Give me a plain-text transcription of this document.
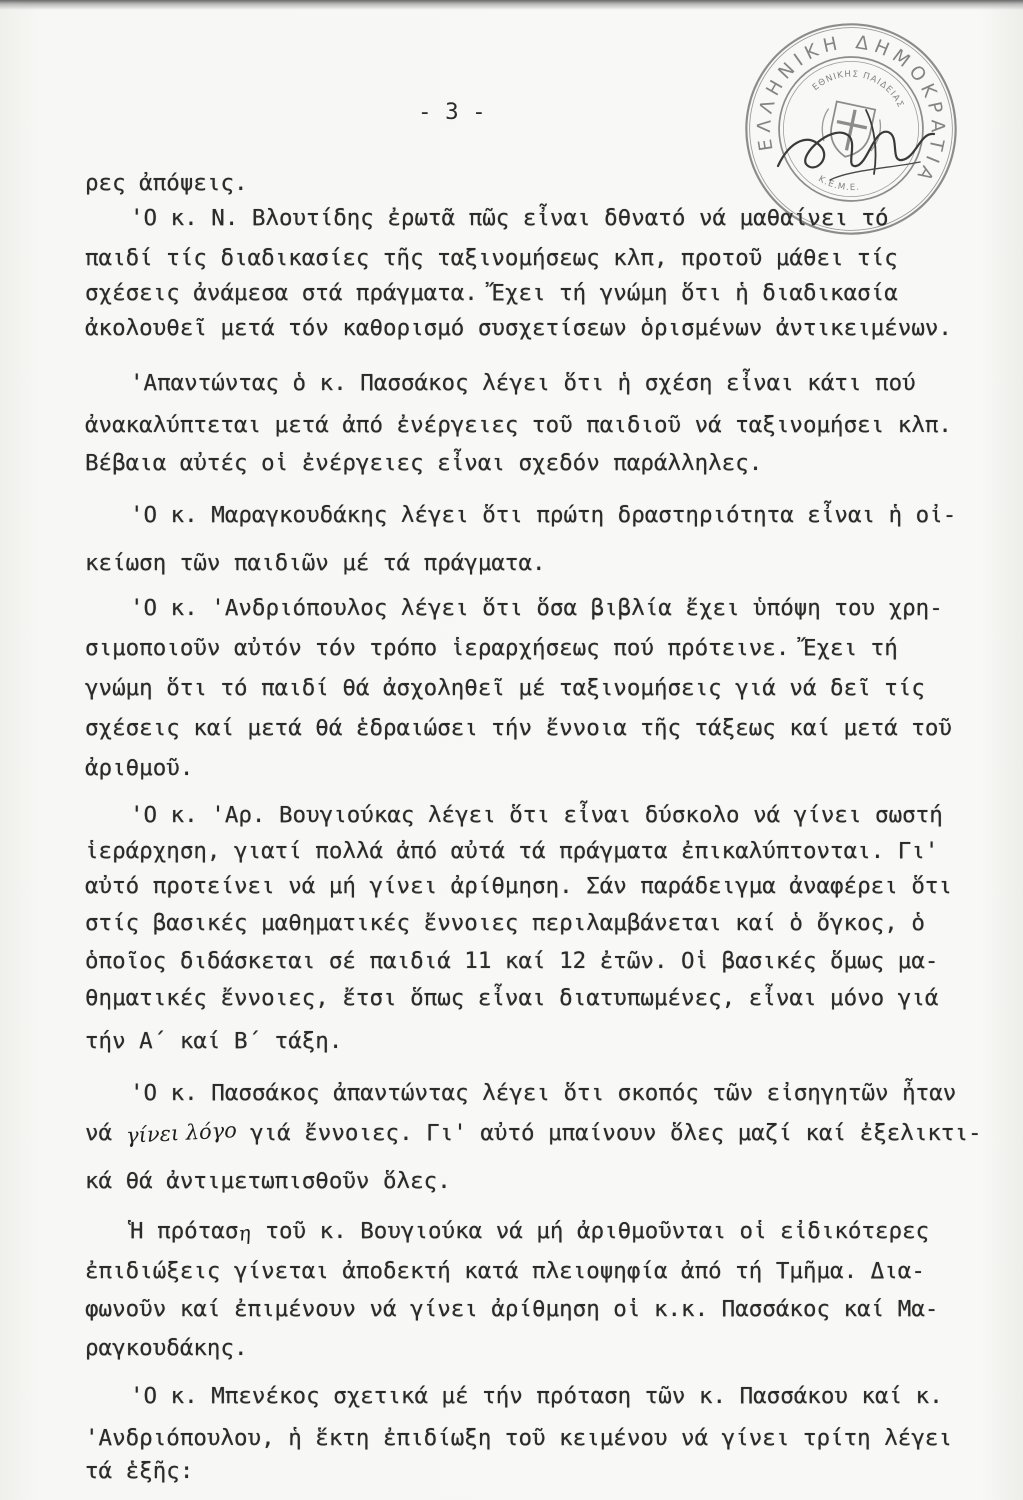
- 3 -
ΕΛΛΗΝΙΚΗ ΔΗΜΟΚΡΑΤΙΑ
ΕΘΝΙΚΗΣ ΠΑΙΔΕΙΑΣ
Κ.Ε.Μ.Ε.
ρες ἀπόψεις.
'Ο κ. Ν. Βλουτίδης ἐρωτᾶ πῶς εἶναι δθνατό νά μαθαίνει τό
παιδί τίς διαδικασίες τῆς ταξινομήσεως κλπ, προτοῦ μάθει τίς
σχέσεις ἀνάμεσα στά πράγματα. Ἔχει τή γνώμη ὅτι ἡ διαδικασία
ἀκολουθεῖ μετά τόν καθορισμό συσχετίσεων ὁρισμένων ἀντικειμένων.
'Απαντώντας ὁ κ. Πασσάκος λέγει ὅτι ἡ σχέση εἶναι κάτι πού
ἀνακαλύπτεται μετά ἀπό ἐνέργειες τοῦ παιδιοῦ νά ταξινομήσει κλπ.
Βέβαια αὐτές οἱ ἐνέργειες εἶναι σχεδόν παράλληλες.
'Ο κ. Μαραγκουδάκης λέγει ὅτι πρώτη δραστηριότητα εἶναι ἡ οἰ-
κείωση τῶν παιδιῶν μέ τά πράγματα.
'Ο κ. 'Ανδριόπουλος λέγει ὅτι ὅσα βιβλία ἔχει ὑπόψη του χρη-
σιμοποιοῦν αὐτόν τόν τρόπο ἱεραρχήσεως πού πρότεινε. Ἔχει τή
γνώμη ὅτι τό παιδί θά ἀσχοληθεῖ μέ ταξινομήσεις γιά νά δεῖ τίς
σχέσεις καί μετά θά ἑδραιώσει τήν ἔννοια τῆς τάξεως καί μετά τοῦ
ἀριθμοῦ.
'Ο κ. 'Αρ. Βουγιούκας λέγει ὅτι εἶναι δύσκολο νά γίνει σωστή
ἱεράρχηση, γιατί πολλά ἀπό αὐτά τά πράγματα ἐπικαλύπτονται. Γι'
αὐτό προτείνει νά μή γίνει ἀρίθμηση. Σάν παράδειγμα ἀναφέρει ὅτι
στίς βασικές μαθηματικές ἔννοιες περιλαμβάνεται καί ὁ ὄγκος, ὁ
ὁποῖος διδάσκεται σέ παιδιά 11 καί 12 ἐτῶν. Οἱ βασικές ὅμως μα-
θηματικές ἔννοιες, ἔτσι ὅπως εἶναι διατυπωμένες, εἶναι μόνο γιά
τήν Α΄ καί Β΄ τάξη.
'Ο κ. Πασσάκος ἀπαντώντας λέγει ὅτι σκοπός τῶν εἰσηγητῶν ἦταν
νά γίνει λόγο γιά ἔννοιες. Γι' αὐτό μπαίνουν ὅλες μαζί καί ἐξελικτι-
κά θά ἀντιμετωπισθοῦν ὅλες.
Ἡ πρόταση τοῦ κ. Βουγιούκα νά μή ἀριθμοῦνται οἱ εἰδικότερες
ἐπιδιώξεις γίνεται ἀποδεκτή κατά πλειοψηφία ἀπό τή Τμῆμα. Δια-
φωνοῦν καί ἐπιμένουν νά γίνει ἀρίθμηση οἱ κ.κ. Πασσάκος καί Μα-
ραγκουδάκης.
'Ο κ. Μπενέκος σχετικά μέ τήν πρόταση τῶν κ. Πασσάκου καί κ.
'Ανδριόπουλου, ἡ ἕκτη ἐπιδίωξη τοῦ κειμένου νά γίνει τρίτη λέγει
τά ἑξῆς:
